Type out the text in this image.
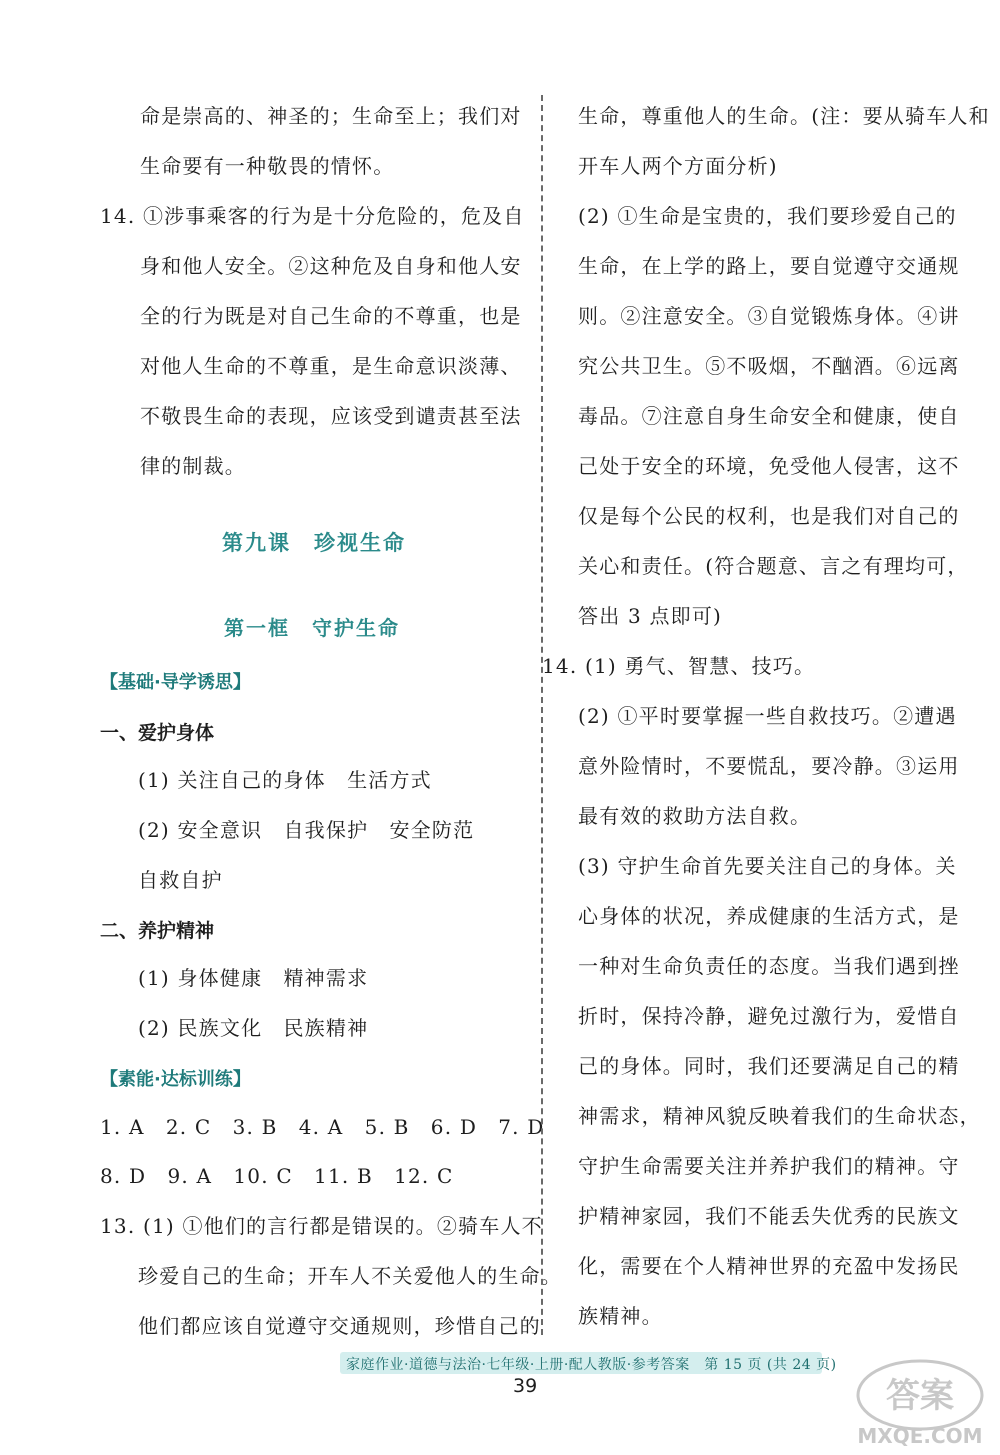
命是崇高的、神圣的；生命至上；我们对
生命要有一种敬畏的情怀。
14. ①涉事乘客的行为是十分危险的，危及自
身和他人安全。②这种危及自身和他人安
全的行为既是对自己生命的不尊重，也是
对他人生命的不尊重，是生命意识淡薄、
不敬畏生命的表现，应该受到谴责甚至法
律的制裁。
第九课　珍视生命
第一框　守护生命
【基础·导学诱思】
一、爱护身体
(1) 关注自己的身体　生活方式
(2) 安全意识　自我保护　安全防范
自救自护
二、养护精神
(1) 身体健康　精神需求
(2) 民族文化　民族精神
【素能·达标训练】
1. A　2. C　3. B　4. A　5. B　6. D　7. D
8. D　9. A　10. C　11. B　12. C
13. (1) ①他们的言行都是错误的。②骑车人不
珍爱自己的生命；开车人不关爱他人的生命。
他们都应该自觉遵守交通规则，珍惜自己的
生命，尊重他人的生命。(注：要从骑车人和
开车人两个方面分析)
(2) ①生命是宝贵的，我们要珍爱自己的
生命，在上学的路上，要自觉遵守交通规
则。②注意安全。③自觉锻炼身体。④讲
究公共卫生。⑤不吸烟，不酗酒。⑥远离
毒品。⑦注意自身生命安全和健康，使自
己处于安全的环境，免受他人侵害，这不
仅是每个公民的权利，也是我们对自己的
关心和责任。(符合题意、言之有理均可，
答出 3 点即可)
14. (1) 勇气、智慧、技巧。
(2) ①平时要掌握一些自救技巧。②遭遇
意外险情时，不要慌乱，要冷静。③运用
最有效的救助方法自救。
(3) 守护生命首先要关注自己的身体。关
心身体的状况，养成健康的生活方式，是
一种对生命负责任的态度。当我们遇到挫
折时，保持冷静，避免过激行为，爱惜自
己的身体。同时，我们还要满足自己的精
神需求，精神风貌反映着我们的生命状态，
守护生命需要关注并养护我们的精神。守
护精神家园，我们不能丢失优秀的民族文
化，需要在个人精神世界的充盈中发扬民
族精神。
家庭作业·道德与法治·七年级·上册·配人教版·参考答案　第 15 页 (共 24 页)
39	答案
MXQE.COM
